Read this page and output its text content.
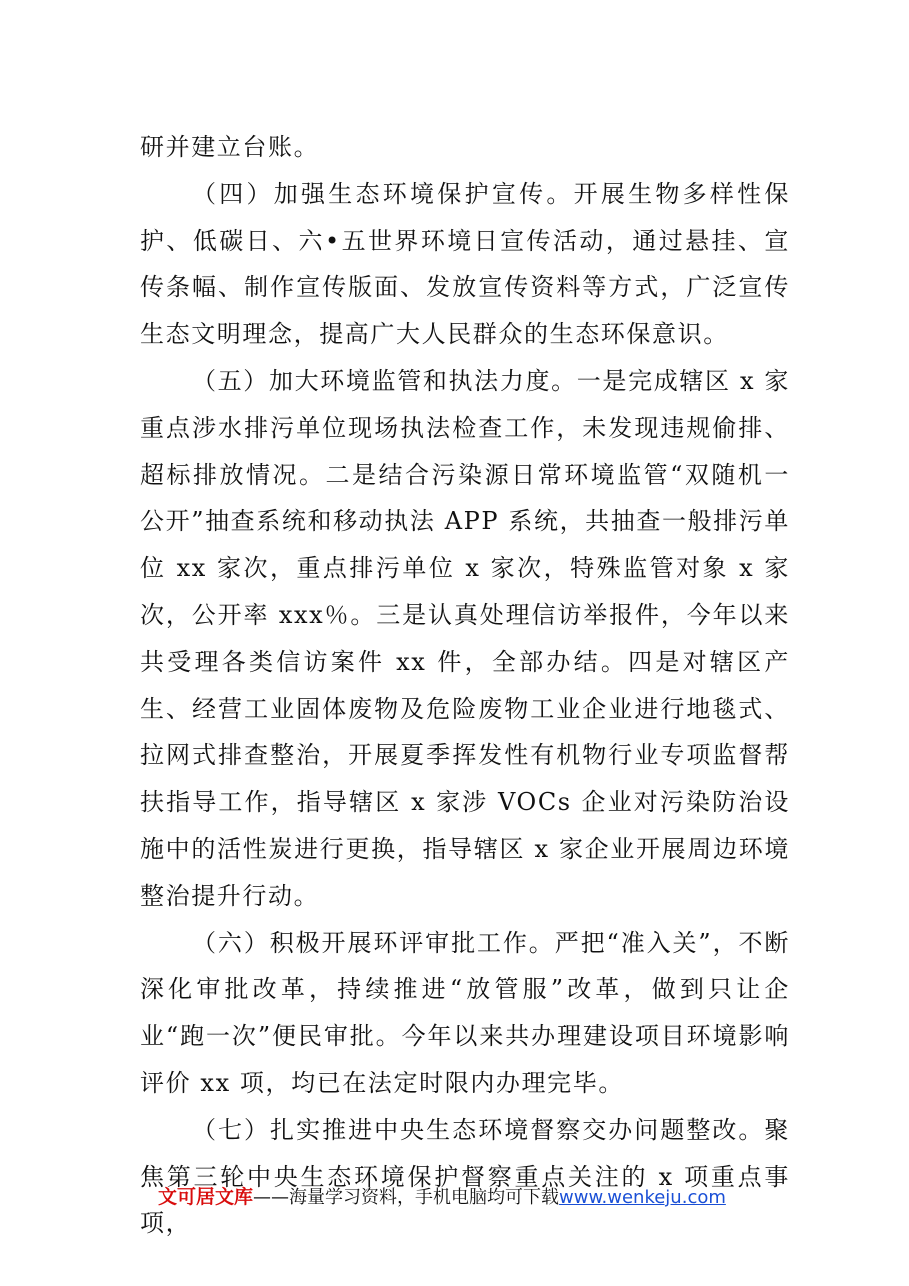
研并建立台账。

（四）加强生态环境保护宣传。开展生物多样性保护、低碳日、六•五世界环境日宣传活动，通过悬挂、宣传条幅、制作宣传版面、发放宣传资料等方式，广泛宣传生态文明理念，提高广大人民群众的生态环保意识。

（五）加大环境监管和执法力度。一是完成辖区 x 家重点涉水排污单位现场执法检查工作，未发现违规偷排、超标排放情况。二是结合污染源日常环境监管“双随机一公开”抽查系统和移动执法 APP 系统，共抽查一般排污单位 xx 家次，重点排污单位 x 家次，特殊监管对象 x 家次，公开率 xxx％。三是认真处理信访举报件，今年以来共受理各类信访案件 xx 件，全部办结。四是对辖区产生、经营工业固体废物及危险废物工业企业进行地毯式、拉网式排查整治，开展夏季挥发性有机物行业专项监督帮扶指导工作，指导辖区 x 家涉 VOCs 企业对污染防治设施中的活性炭进行更换，指导辖区 x 家企业开展周边环境整治提升行动。

（六）积极开展环评审批工作。严把“准入关”，不断深化审批改革，持续推进“放管服”改革，做到只让企业“跑一次”便民审批。今年以来共办理建设项目环境影响评价 xx 项，均已在法定时限内办理完毕。

（七）扎实推进中央生态环境督察交办问题整改。聚焦第三轮中央生态环境保护督察重点关注的 x 项重点事项，

文可居文库——海量学习资料，手机电脑均可下载www.wenkeju.com
